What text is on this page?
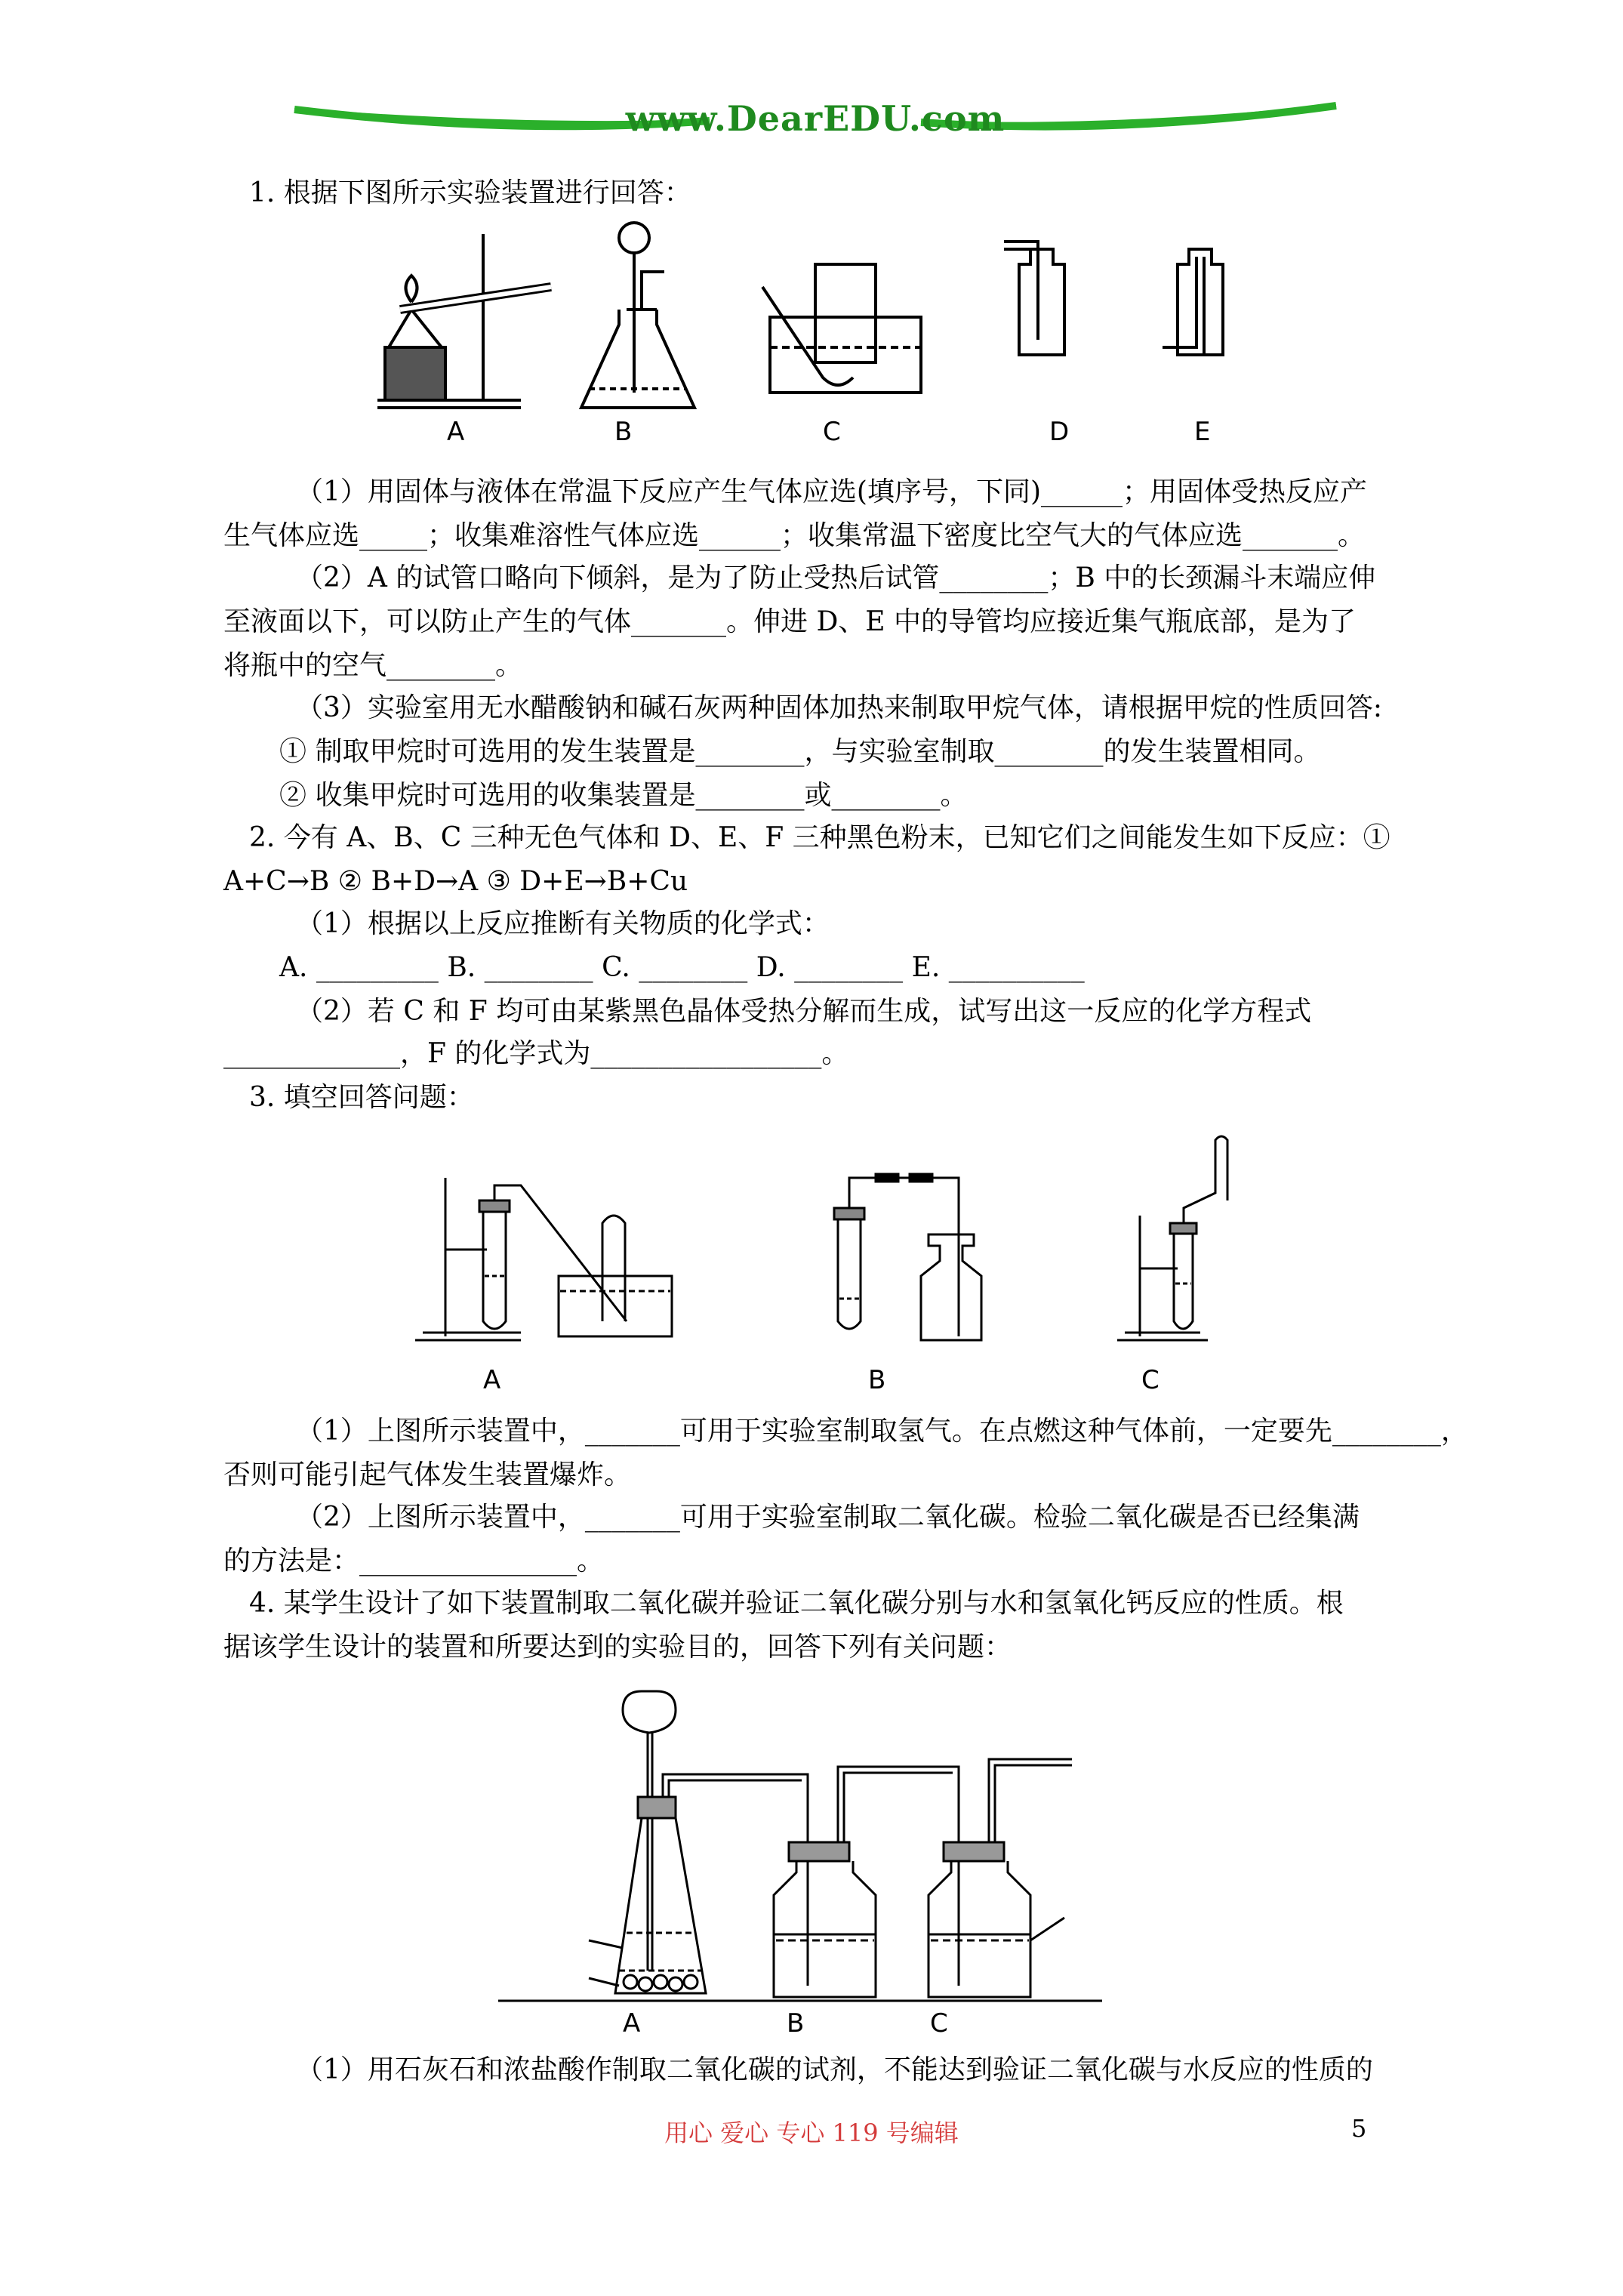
www.DearEDU.com
1. 根据下图所示实验装置进行回答：
A	B	C	D	E
（1）用固体与液体在常温下反应产生气体应选(填序号，下同)______；用固体受热反应产
生气体应选_____；收集难溶性气体应选______；收集常温下密度比空气大的气体应选_______。
（2）A 的试管口略向下倾斜，是为了防止受热后试管________；B 中的长颈漏斗末端应伸
至液面以下，可以防止产生的气体_______。伸进 D、E 中的导管均应接近集气瓶底部，是为了
将瓶中的空气________。
（3）实验室用无水醋酸钠和碱石灰两种固体加热来制取甲烷气体，请根据甲烷的性质回答:
① 制取甲烷时可选用的发生装置是________，与实验室制取________的发生装置相同。
② 收集甲烷时可选用的收集装置是________或________。
2. 今有 A、B、C 三种无色气体和 D、E、F 三种黑色粉末，已知它们之间能发生如下反应：①
A+C→B ② B+D→A ③ D+E→B+Cu
（1）根据以上反应推断有关物质的化学式：
A. _________ B. ________ C. ________ D. ________ E. __________
（2）若 C 和 F 均可由某紫黑色晶体受热分解而生成，试写出这一反应的化学方程式
_____________，F 的化学式为_________________。
3. 填空回答问题：
A	B	C
（1）上图所示装置中，_______可用于实验室制取氢气。在点燃这种气体前，一定要先________，
否则可能引起气体发生装置爆炸。
（2）上图所示装置中，_______可用于实验室制取二氧化碳。检验二氧化碳是否已经集满
的方法是：________________。
4. 某学生设计了如下装置制取二氧化碳并验证二氧化碳分别与水和氢氧化钙反应的性质。根
据该学生设计的装置和所要达到的实验目的，回答下列有关问题：
A	B	C
（1）用石灰石和浓盐酸作制取二氧化碳的试剂，不能达到验证二氧化碳与水反应的性质的
用心 爱心 专心 119 号编辑	5
